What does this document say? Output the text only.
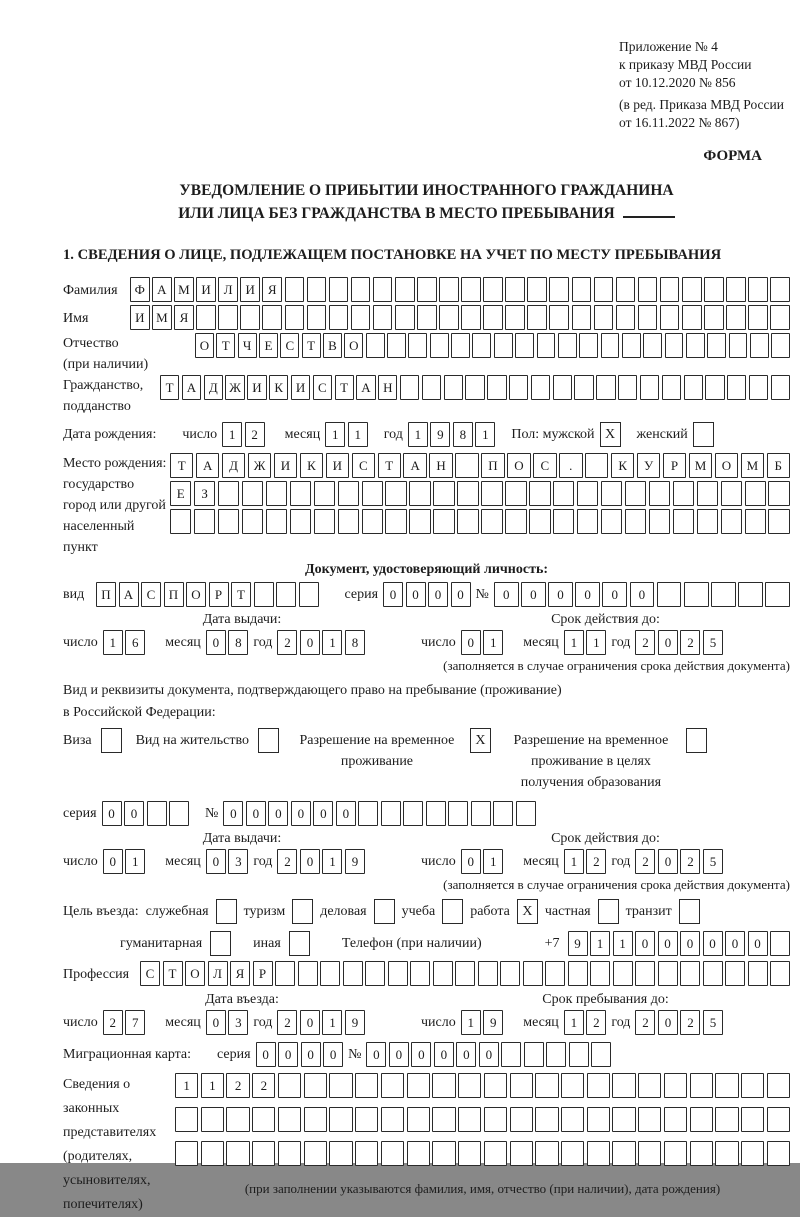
Приложение № 4
к приказу МВД России
от 10.12.2020 № 856
(в ред. Приказа МВД России
от 16.11.2022 № 867)
ФОРМА
УВЕДОМЛЕНИЕ О ПРИБЫТИИ ИНОСТРАННОГО ГРАЖДАНИНА
ИЛИ ЛИЦА БЕЗ ГРАЖДАНСТВА В МЕСТО ПРЕБЫВАНИЯ
1. СВЕДЕНИЯ О ЛИЦЕ, ПОДЛЕЖАЩЕМ ПОСТАНОВКЕ НА УЧЕТ ПО МЕСТУ ПРЕБЫВАНИЯ
Фамилия	Ф А М И Л И	Я
Имя	И М Я
Отчество
(при наличии)
О Т	Ч	Е	С	Т	В О
Гражданство,
подданство
Т	А Д Ж И К И С	Т	А Н
Дата рождения: число 1	2	месяц 1	1	год 1	9	8	1	Пол: мужской X	женский
Место рождения:
государство
город или другой
населенный пункт
Т	А	Д	Ж	И	К	И	С	Т	А	Н	П	О	С	.	К	У	Р	М	О	М	Б
Е	З
Документ, удостоверяющий личность:
вид	П	А	С	П	О	Р	Т	серия 0	0	0	0 №	0	0	0	0	0	0
Дата выдачи:
число 1	6	месяц 0	8 год 2	0	1	8
Срок действия до:
число 0	1	месяц 1	1 год 2	0	2	5
(заполняется в случае ограничения срока действия документа)
Вид и реквизиты документа, подтверждающего право на пребывание (проживание)
в Российской Федерации:
Виза	Вид на жительство	Разрешение на временное проживание
X	Разрешение на временное проживание в целях получения образования
серия 0	0	№ 0	0	0	0	0	0
Дата выдачи:
число 0	1	месяц 0	3 год 2	0	1	9
Срок действия до:
число 0	1	месяц 1	2 год 2	0	2	5
(заполняется в случае ограничения срока действия документа)
Цель въезда: служебная	туризм	деловая	учеба	работа X частная	транзит
гуманитарная	иная	Телефон (при наличии)	+7	9	1	1	0	0	0	0	0	0
Профессия	С	Т	О	Л	Я	Р
Дата въезда:
число 2	7	месяц 0	3 год 2	0	1	9
Срок пребывания до:
число 1	9	месяц 1	2 год 2	0	2	5
Миграционная карта: серия 0	0	0	0 № 0	0	0	0	0	0
Сведения о
законных
представителях
(родителях,
усыновителях,
попечителях)
1	1	2	2
(при заполнении указываются фамилия, имя, отчество (при наличии), дата рождения)
